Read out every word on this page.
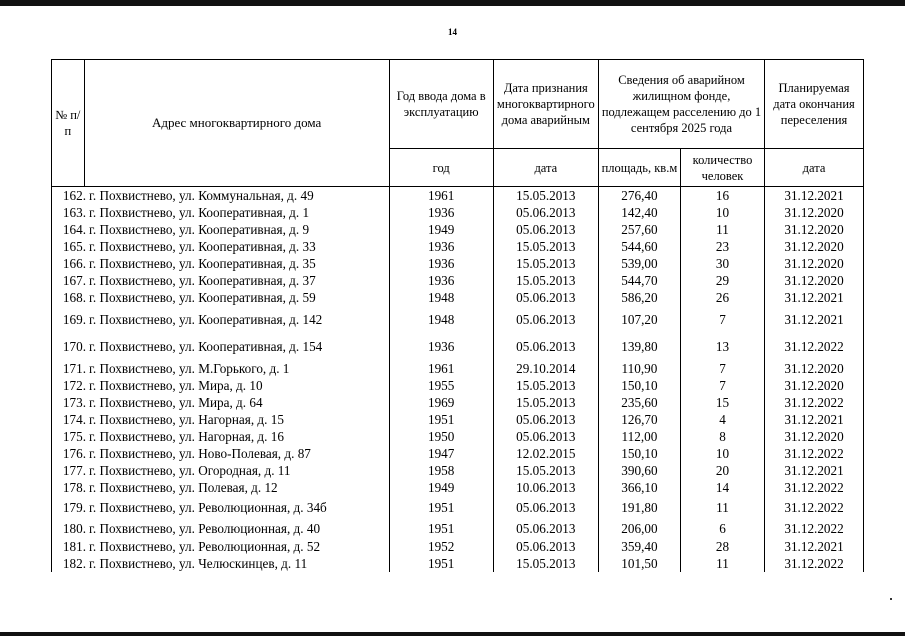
14
№ п/п	Адрес многоквартирного дома	Год ввода дома в эксплуатацию	Дата признания многоквартирного дома аварийным	Сведения об аварийном жилищном фонде, подлежащем расселению до 1 сентября 2025 года		Планируемая дата окончания переселения
		год	дата	площадь, кв.м	количество человек	дата
162. г. Похвистнево, ул. Коммунальная, д. 49		1961	15.05.2013	276,40	16	31.12.2021
163. г. Похвистнево, ул. Кооперативная, д. 1		1936	05.06.2013	142,40	10	31.12.2020
164. г. Похвистнево, ул. Кооперативная, д. 9		1949	05.06.2013	257,60	11	31.12.2020
165. г. Похвистнево, ул. Кооперативная, д. 33		1936	15.05.2013	544,60	23	31.12.2020
166. г. Похвистнево, ул. Кооперативная, д. 35		1936	15.05.2013	539,00	30	31.12.2020
167. г. Похвистнево, ул. Кооперативная, д. 37		1936	15.05.2013	544,70	29	31.12.2020
168. г. Похвистнево, ул. Кооперативная, д. 59		1948	05.06.2013	586,20	26	31.12.2021
169. г. Похвистнево, ул. Кооперативная, д. 142		1948	05.06.2013	107,20	7	31.12.2021
170. г. Похвистнево, ул. Кооперативная, д. 154		1936	05.06.2013	139,80	13	31.12.2022
171. г. Похвистнево, ул. М.Горького, д. 1		1961	29.10.2014	110,90	7	31.12.2020
172. г. Похвистнево, ул. Мира, д. 10		1955	15.05.2013	150,10	7	31.12.2020
173. г. Похвистнево, ул. Мира, д. 64		1969	15.05.2013	235,60	15	31.12.2022
174. г. Похвистнево, ул. Нагорная, д. 15		1951	05.06.2013	126,70	4	31.12.2021
175. г. Похвистнево, ул. Нагорная, д. 16		1950	05.06.2013	112,00	8	31.12.2020
176. г. Похвистнево, ул. Ново-Полевая, д. 87		1947	12.02.2015	150,10	10	31.12.2022
177. г. Похвистнево, ул. Огородная, д. 11		1958	15.05.2013	390,60	20	31.12.2021
178. г. Похвистнево, ул. Полевая, д. 12		1949	10.06.2013	366,10	14	31.12.2022
179. г. Похвистнево, ул. Революционная, д. 34б		1951	05.06.2013	191,80	11	31.12.2022
180. г. Похвистнево, ул. Революционная, д. 40		1951	05.06.2013	206,00	6	31.12.2022
181. г. Похвистнево, ул. Революционная, д. 52		1952	05.06.2013	359,40	28	31.12.2021
182. г. Похвистнево, ул. Челюскинцев, д. 11		1951	15.05.2013	101,50	11	31.12.2022
